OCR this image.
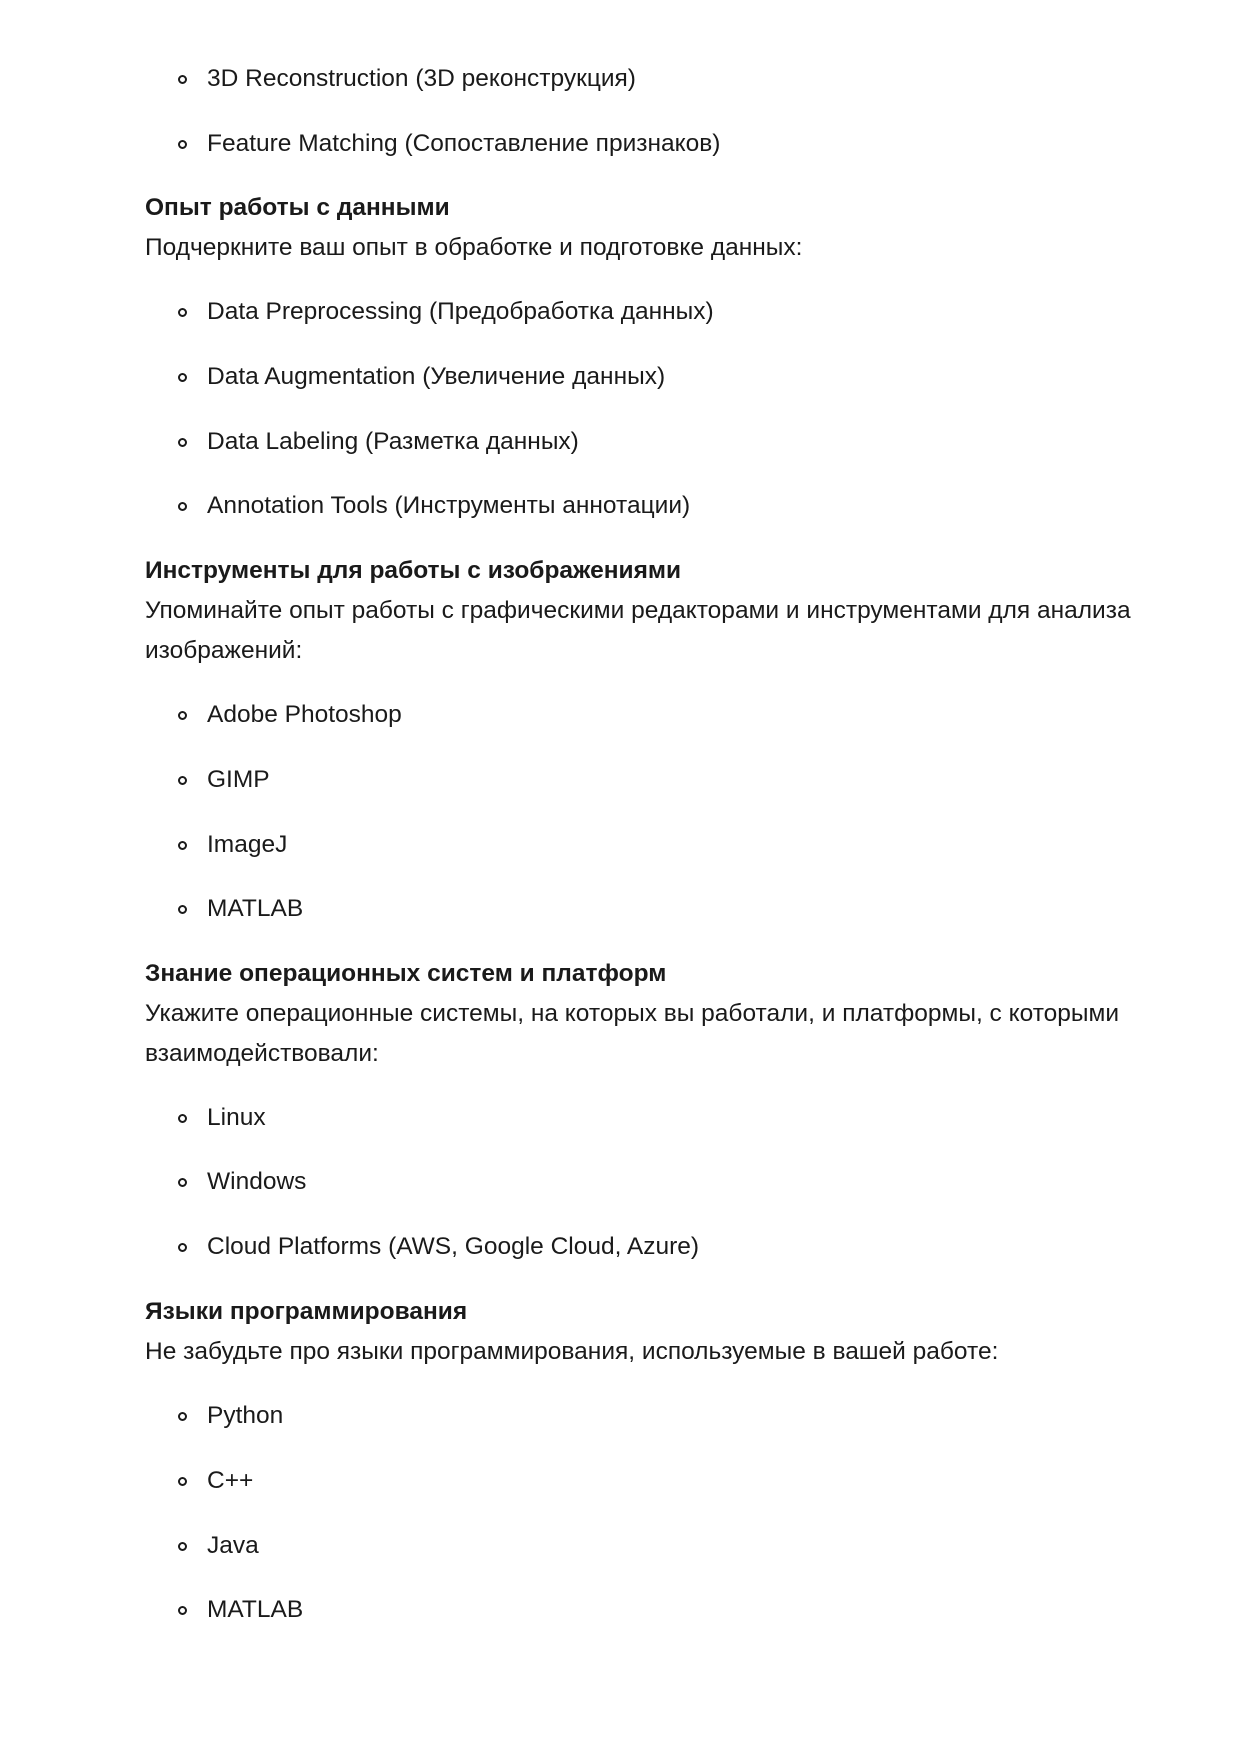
3D Reconstruction (3D реконструкция)
Feature Matching (Сопоставление признаков)
Опыт работы с данными
Подчеркните ваш опыт в обработке и подготовке данных:
Data Preprocessing (Предобработка данных)
Data Augmentation (Увеличение данных)
Data Labeling (Разметка данных)
Annotation Tools (Инструменты аннотации)
Инструменты для работы с изображениями
Упоминайте опыт работы с графическими редакторами и инструментами для анализа
изображений:
Adobe Photoshop
GIMP
ImageJ
MATLAB
Знание операционных систем и платформ
Укажите операционные системы, на которых вы работали, и платформы, с которыми
взаимодействовали:
Linux
Windows
Cloud Platforms (AWS, Google Cloud, Azure)
Языки программирования
Не забудьте про языки программирования, используемые в вашей работе:
Python
C++
Java
MATLAB
